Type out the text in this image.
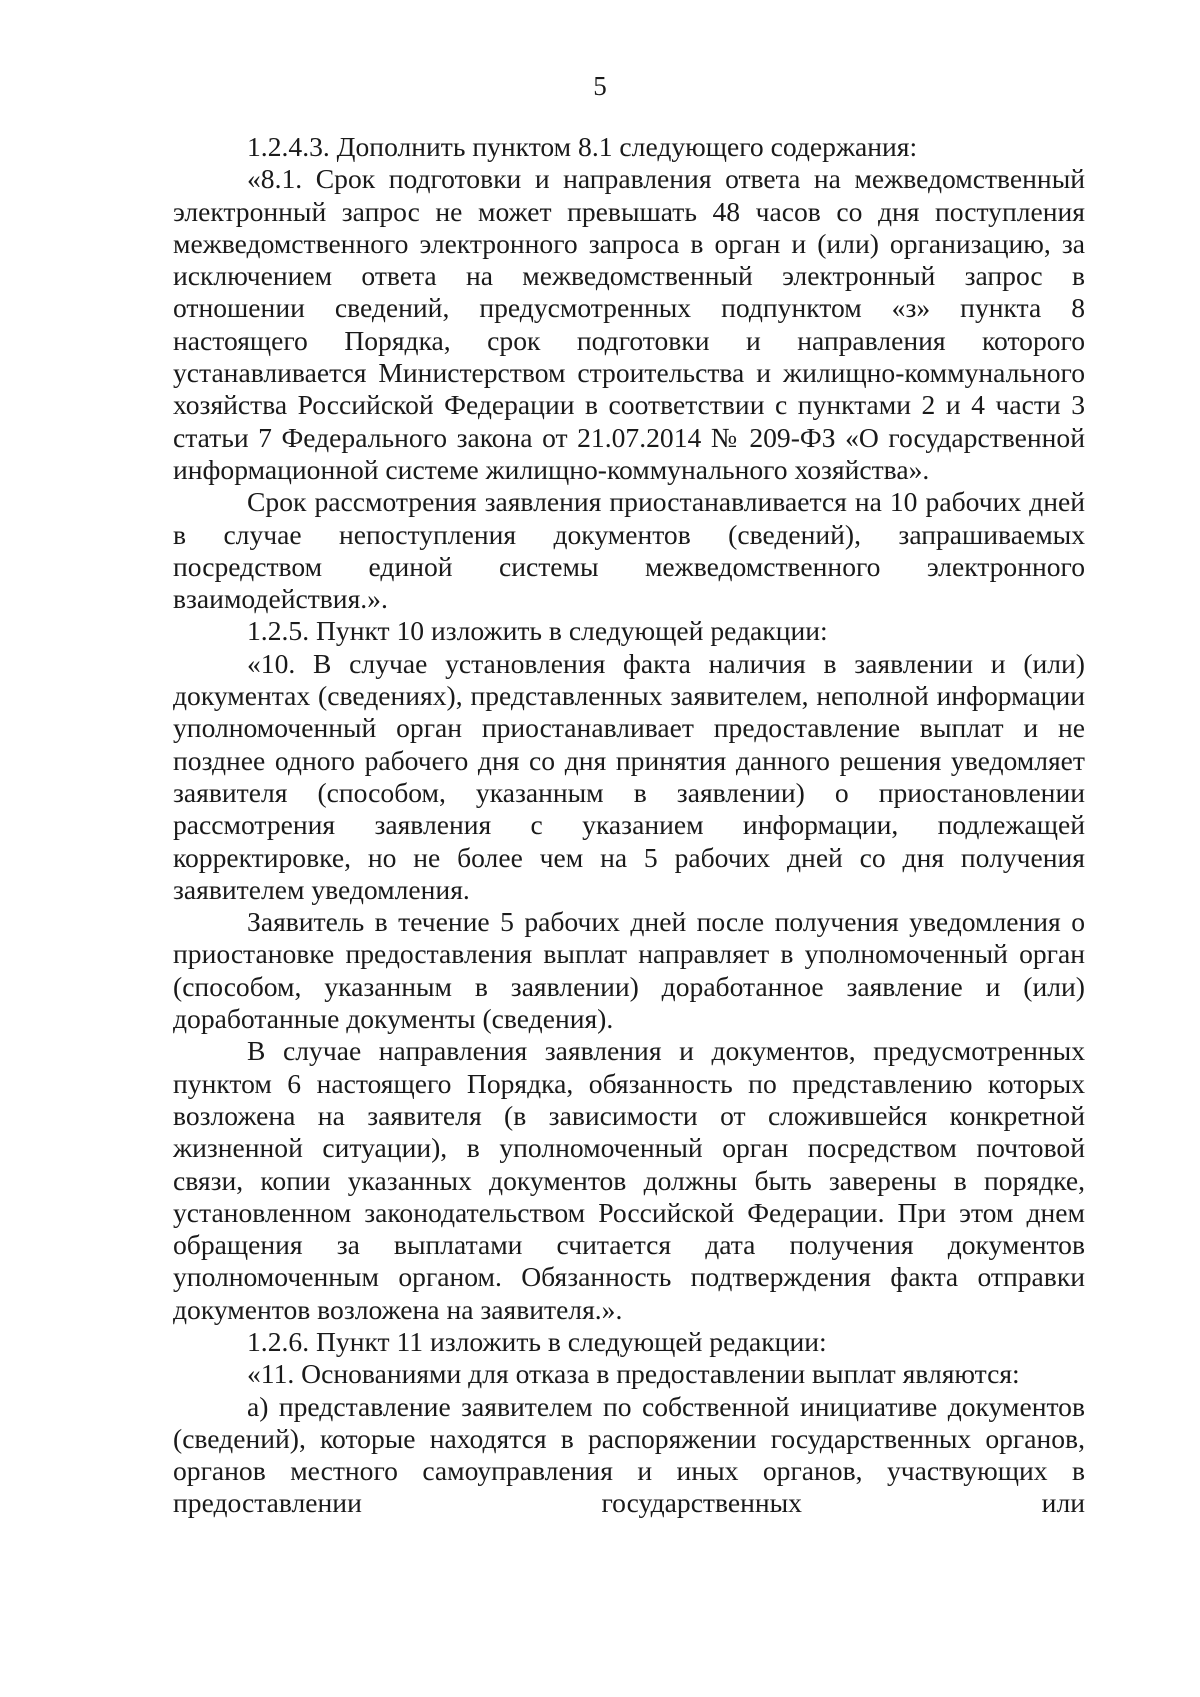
5

1.2.4.3. Дополнить пунктом 8.1 следующего содержания:

«8.1. Срок подготовки и направления ответа на межведомственный электронный запрос не может превышать 48 часов со дня поступления межведомственного электронного запроса в орган и (или) организацию, за исключением ответа на межведомственный электронный запрос в отношении сведений, предусмотренных подпунктом «з» пункта 8 настоящего Порядка, срок подготовки и направления которого устанавливается Министерством строительства и жилищно-коммунального хозяйства Российской Федерации в соответствии с пунктами 2 и 4 части 3 статьи 7 Федерального закона от 21.07.2014 № 209-ФЗ «О государственной информационной системе жилищно-коммунального хозяйства».

Срок рассмотрения заявления приостанавливается на 10 рабочих дней в случае непоступления документов (сведений), запрашиваемых посредством единой системы межведомственного электронного взаимодействия.».

1.2.5. Пункт 10 изложить в следующей редакции:

«10. В случае установления факта наличия в заявлении и (или) документах (сведениях), представленных заявителем, неполной информации уполномоченный орган приостанавливает предоставление выплат и не позднее одного рабочего дня со дня принятия данного решения уведомляет заявителя (способом, указанным в заявлении) о приостановлении рассмотрения заявления с указанием информации, подлежащей корректировке, но не более чем на 5 рабочих дней со дня получения заявителем уведомления.

Заявитель в течение 5 рабочих дней после получения уведомления о приостановке предоставления выплат направляет в уполномоченный орган (способом, указанным в заявлении) доработанное заявление и (или) доработанные документы (сведения).

В случае направления заявления и документов, предусмотренных пунктом 6 настоящего Порядка, обязанность по представлению которых возложена на заявителя (в зависимости от сложившейся конкретной жизненной ситуации), в уполномоченный орган посредством почтовой связи, копии указанных документов должны быть заверены в порядке, установленном законодательством Российской Федерации. При этом днем обращения за выплатами считается дата получения документов уполномоченным органом. Обязанность подтверждения факта отправки документов возложена на заявителя.».

1.2.6. Пункт 11 изложить в следующей редакции:

«11. Основаниями для отказа в предоставлении выплат являются:

а) представление заявителем по собственной инициативе документов (сведений), которые находятся в распоряжении государственных органов, органов местного самоуправления и иных органов, участвующих в предоставлении государственных или
